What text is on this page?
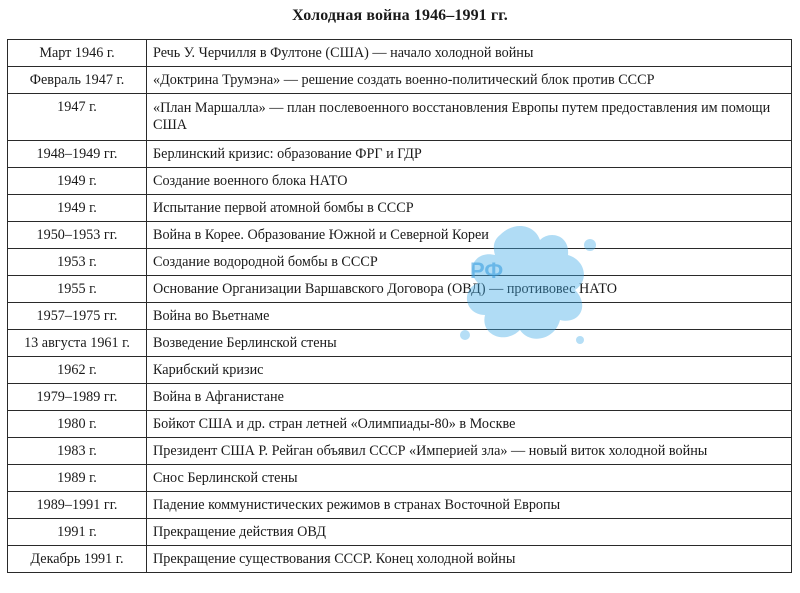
Холодная война 1946–1991 гг.
Март 1946 г.	Речь У. Черчилля в Фултоне (США) — начало холодной войны
Февраль 1947 г.	«Доктрина Трумэна» — решение создать военно-политический блок против СССР
1947 г.	«План Маршалла» — план послевоенного восстановления Европы путем предоставления им помощи США
1948–1949 гг.	Берлинский кризис: образование ФРГ и ГДР
1949 г.	Создание военного блока НАТО
1949 г.	Испытание первой атомной бомбы в СССР
1950–1953 гг.	Война в Корее. Образование Южной и Северной Кореи
1953 г.	Создание водородной бомбы в СССР
1955 г.	Основание Организации Варшавского Договора (ОВД) — противовес НАТО
1957–1975 гг.	Война во Вьетнаме
13 августа 1961 г.	Возведение Берлинской стены
1962 г.	Карибский кризис
1979–1989 гг.	Война в Афганистане
1980 г.	Бойкот США и др. стран летней «Олимпиады-80» в Москве
1983 г.	Президент США Р. Рейган объявил СССР «Империей зла» — новый виток холодной войны
1989 г.	Снос Берлинской стены
1989–1991 гг.	Падение коммунистических режимов в странах Восточной Европы
1991 г.	Прекращение действия ОВД
Декабрь 1991 г.	Прекращение существования СССР. Конец холодной войны
РФ
